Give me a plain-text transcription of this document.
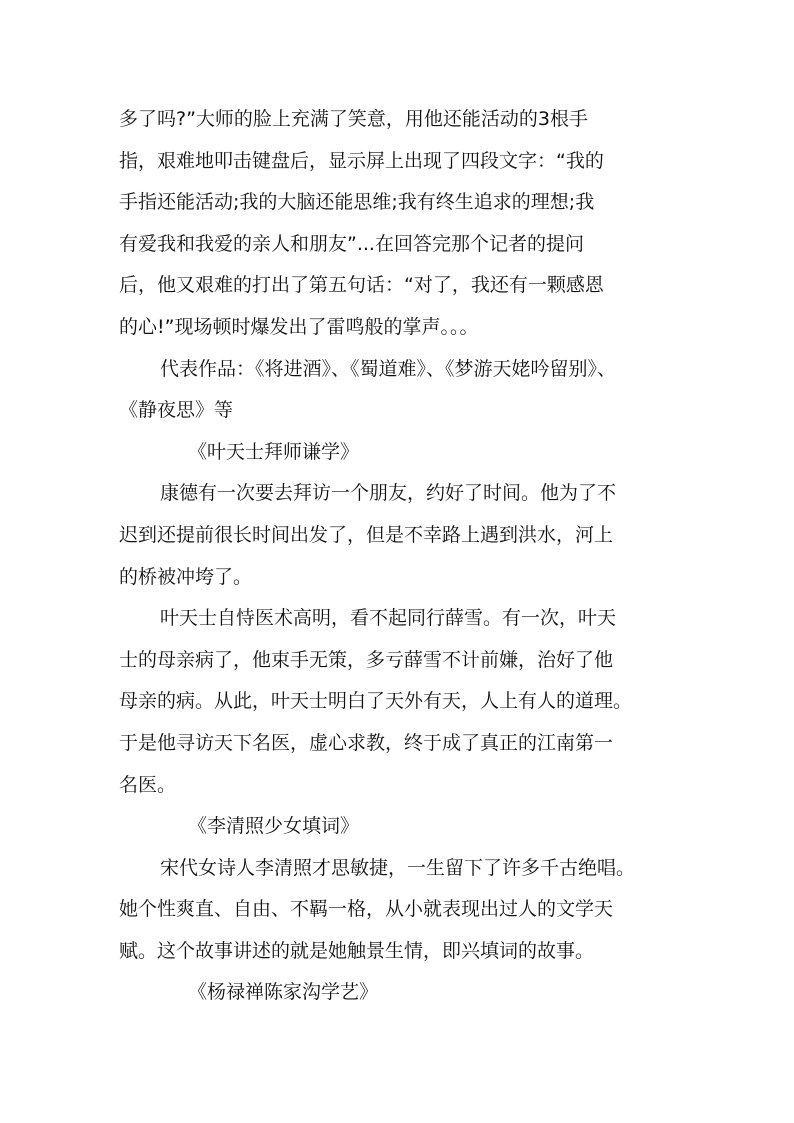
多了吗?”大师的脸上充满了笑意，用他还能活动的3根手
指，艰难地叩击键盘后，显示屏上出现了四段文字：“我的
手指还能活动;我的大脑还能思维;我有终生追求的理想;我
有爱我和我爱的亲人和朋友”...在回答完那个记者的提问
后，他又艰难的打出了第五句话：“对了，我还有一颗感恩
的心!”现场顿时爆发出了雷鸣般的掌声。。。
代表作品：《将进酒》、《蜀道难》、《梦游天姥吟留别》、
《静夜思》等
《叶天士拜师谦学》
康德有一次要去拜访一个朋友，约好了时间。他为了不
迟到还提前很长时间出发了，但是不幸路上遇到洪水，河上
的桥被冲垮了。
叶天士自恃医术高明，看不起同行薛雪。有一次，叶天
士的母亲病了，他束手无策，多亏薛雪不计前嫌，治好了他
母亲的病。从此，叶天士明白了天外有天，人上有人的道理。
于是他寻访天下名医，虚心求教，终于成了真正的江南第一
名医。
《李清照少女填词》
宋代女诗人李清照才思敏捷，一生留下了许多千古绝唱。
她个性爽直、自由、不羁一格，从小就表现出过人的文学天
赋。这个故事讲述的就是她触景生情，即兴填词的故事。
《杨禄禅陈家沟学艺》
